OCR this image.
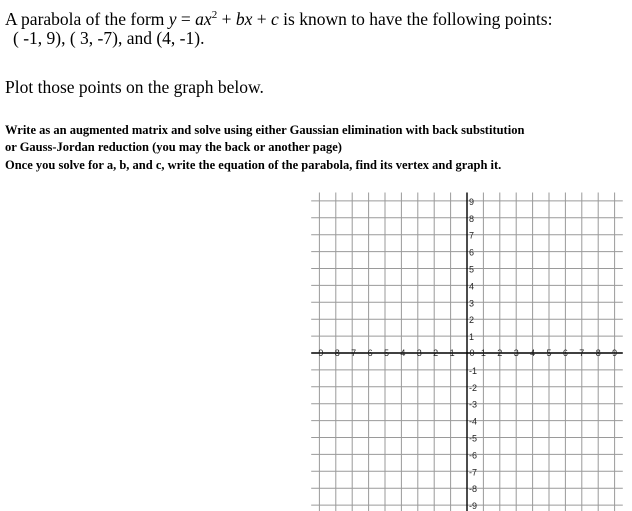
A parabola of the form $y = ax^2$ + bx + c is known to have the following points:
( -1, 9), ( 3, -7), and (4, -1).
Plot those points on the graph below.
Write as an augmented matrix and solve using either Gaussian elimination with back substitution
or Gauss-Jordan reduction (you may the back or another page)
Once you solve for a, b, and c, write the equation of the parabola, find its vertex and graph it.
-9 -8 -7 -6 -5 -4 -3 -2 -1 0 1 2 3 4 5 6 7 8 9
9
8
7
6
5
4
3
2
1
-1
-2
-3
-4
-5
-6
-7
-8
-9
